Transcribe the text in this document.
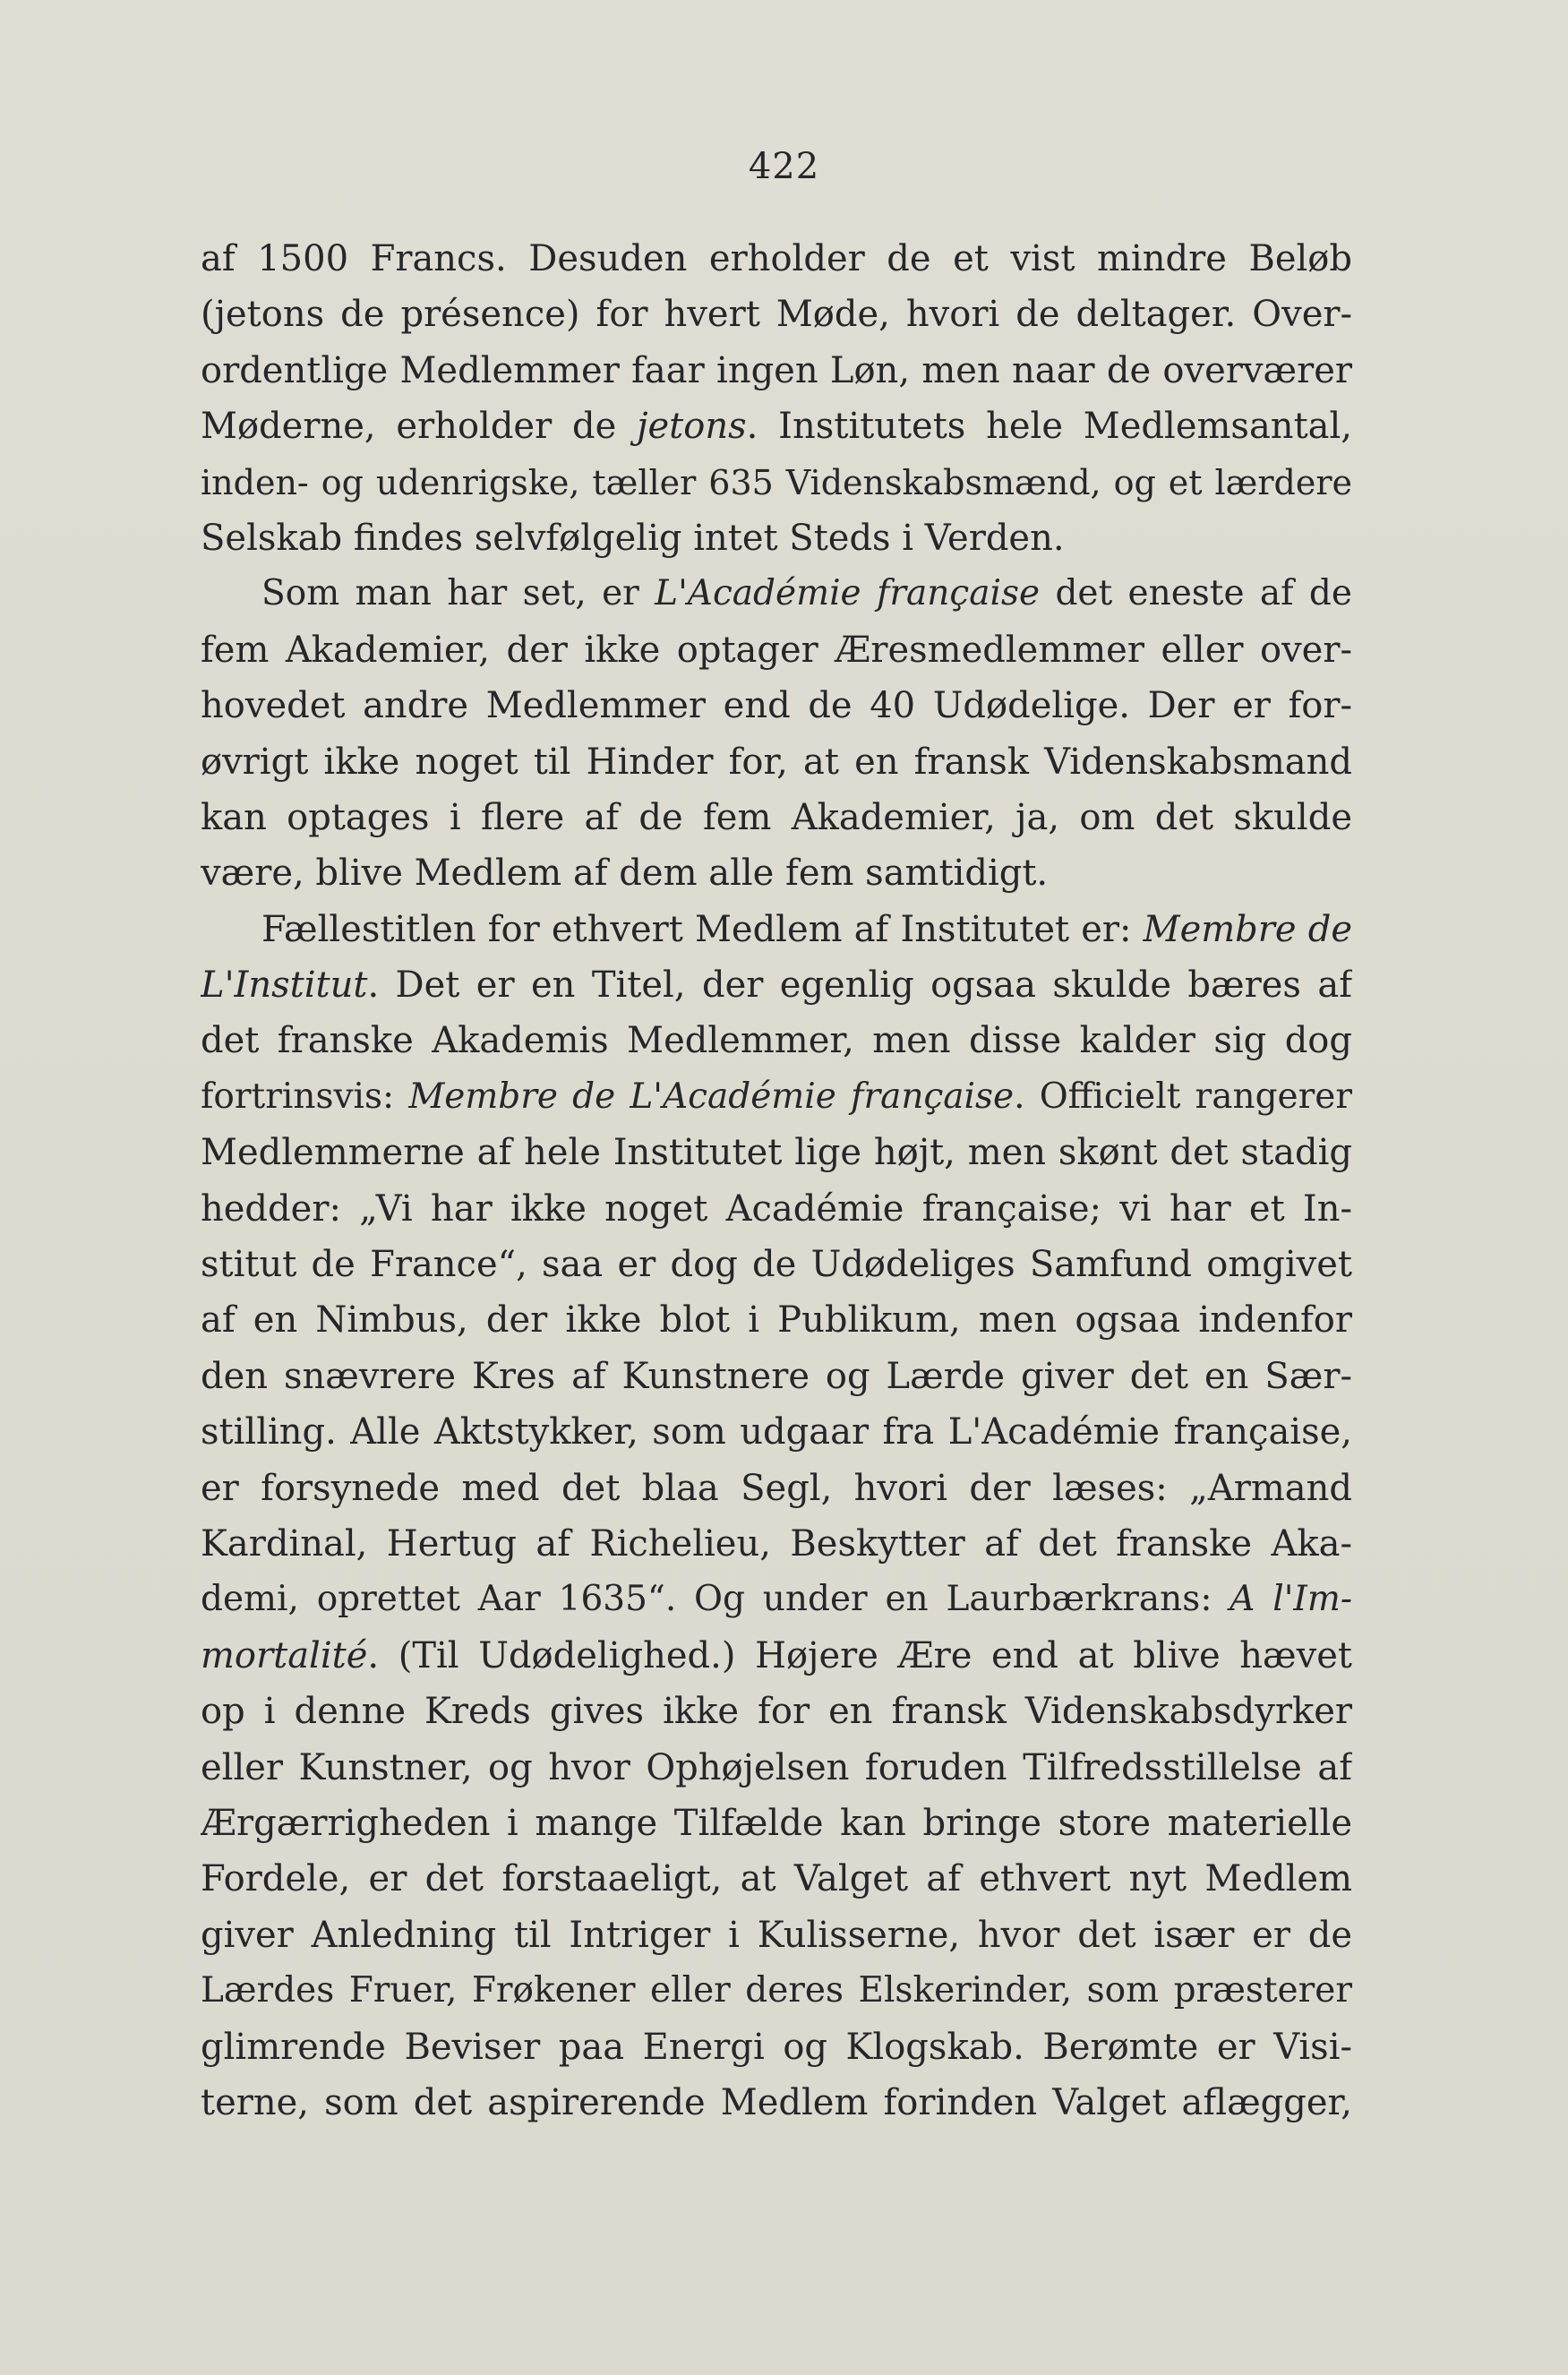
422
af 1500 Francs. Desuden erholder de et vist mindre Beløb
(jetons de présence) for hvert Møde, hvori de deltager. Over-
ordentlige Medlemmer faar ingen Løn, men naar de overværer
Møderne, erholder de jetons. Institutets hele Medlemsantal,
inden- og udenrigske, tæller 635 Videnskabsmænd, og et lærdere
Selskab findes selvfølgelig intet Steds i Verden.
Som man har set, er L'Académie française det eneste af de
fem Akademier, der ikke optager Æresmedlemmer eller over-
hovedet andre Medlemmer end de 40 Udødelige. Der er for-
øvrigt ikke noget til Hinder for, at en fransk Videnskabsmand
kan optages i flere af de fem Akademier, ja, om det skulde
være, blive Medlem af dem alle fem samtidigt.
Fællestitlen for ethvert Medlem af Institutet er: Membre de
L'Institut. Det er en Titel, der egenlig ogsaa skulde bæres af
det franske Akademis Medlemmer, men disse kalder sig dog
fortrinsvis: Membre de L'Académie française. Officielt rangerer
Medlemmerne af hele Institutet lige højt, men skønt det stadig
hedder: „Vi har ikke noget Académie française; vi har et In-
stitut de France“, saa er dog de Udødeliges Samfund omgivet
af en Nimbus, der ikke blot i Publikum, men ogsaa indenfor
den snævrere Kres af Kunstnere og Lærde giver det en Sær-
stilling. Alle Aktstykker, som udgaar fra L'Académie française,
er forsynede med det blaa Segl, hvori der læses: „Armand
Kardinal, Hertug af Richelieu, Beskytter af det franske Aka-
demi, oprettet Aar 1635“. Og under en Laurbærkrans: A l'Im-
mortalité. (Til Udødelighed.) Højere Ære end at blive hævet
op i denne Kreds gives ikke for en fransk Videnskabsdyrker
eller Kunstner, og hvor Ophøjelsen foruden Tilfredsstillelse af
Ærgærrigheden i mange Tilfælde kan bringe store materielle
Fordele, er det forstaaeligt, at Valget af ethvert nyt Medlem
giver Anledning til Intriger i Kulisserne, hvor det især er de
Lærdes Fruer, Frøkener eller deres Elskerinder, som præsterer
glimrende Beviser paa Energi og Klogskab. Berømte er Visi-
terne, som det aspirerende Medlem forinden Valget aflægger,
